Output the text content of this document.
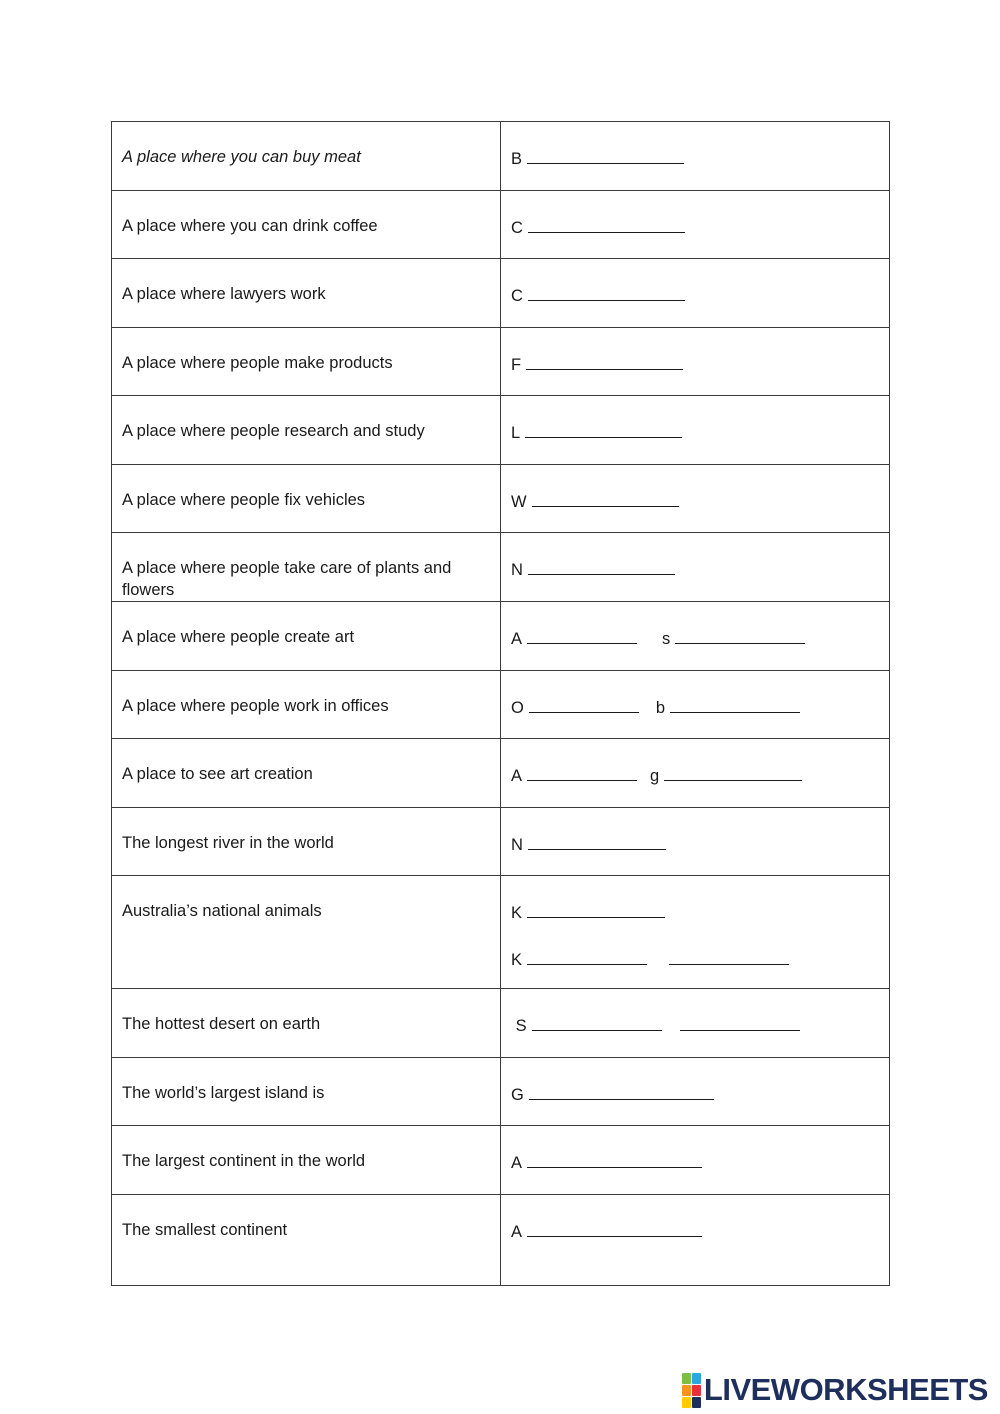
A place where you can buy meat	B

A place where you can drink coffee	C

A place where lawyers work	C

A place where people make products	F

A place where people research and study	L

A place where people fix vehicles	W

A place where people take care of plants and flowers	N

A place where people create art	A s

A place where people work in offices	O b

A place to see art creation	A g

The longest river in the world	N

Australia’s national animals	K
K

The hottest desert on earth	S

The world’s largest island is	G

The largest continent in the world	A

The smallest continent	A
LIVEWORKSHEETS
